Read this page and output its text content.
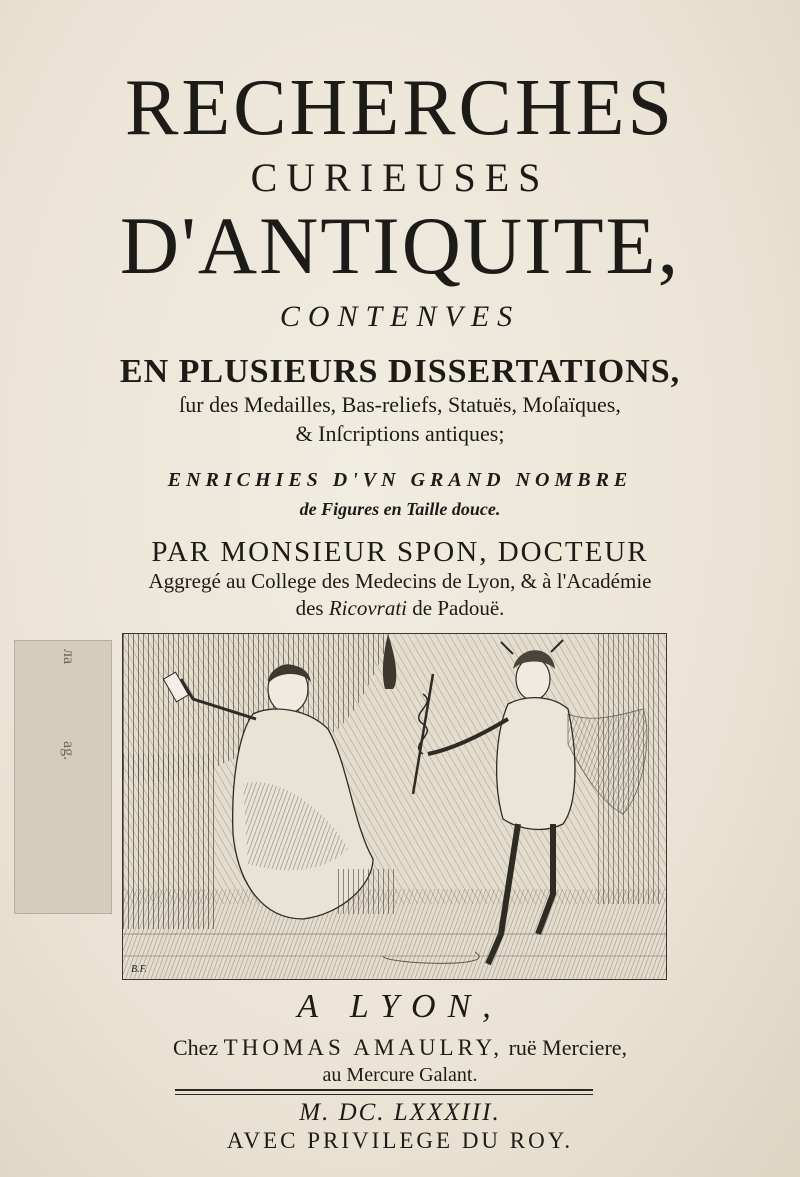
RECHERCHES
CURIEUSES
D'ANTIQUITE,
CONTENVES
EN PLUSIEURS DISSERTATIONS,
ſur des Medailles, Bas-reliefs, Statuës, Moſaïques,
& Inſcriptions antiques;
ENRICHIES D'VN GRAND NOMBRE
de Figures en Taille douce.
PAR MONSIEUR SPON, DOCTEUR
Aggregé au College des Medecins de Lyon, & à l'Académie
des Ricovrati de Padouë.
ла
ag.
B.F.
A LYON,
Chez THOMAS AMAULRY, ruë Merciere,
au Mercure Galant.
M. DC. LXXXIII.
AVEC PRIVILEGE DU ROY.
